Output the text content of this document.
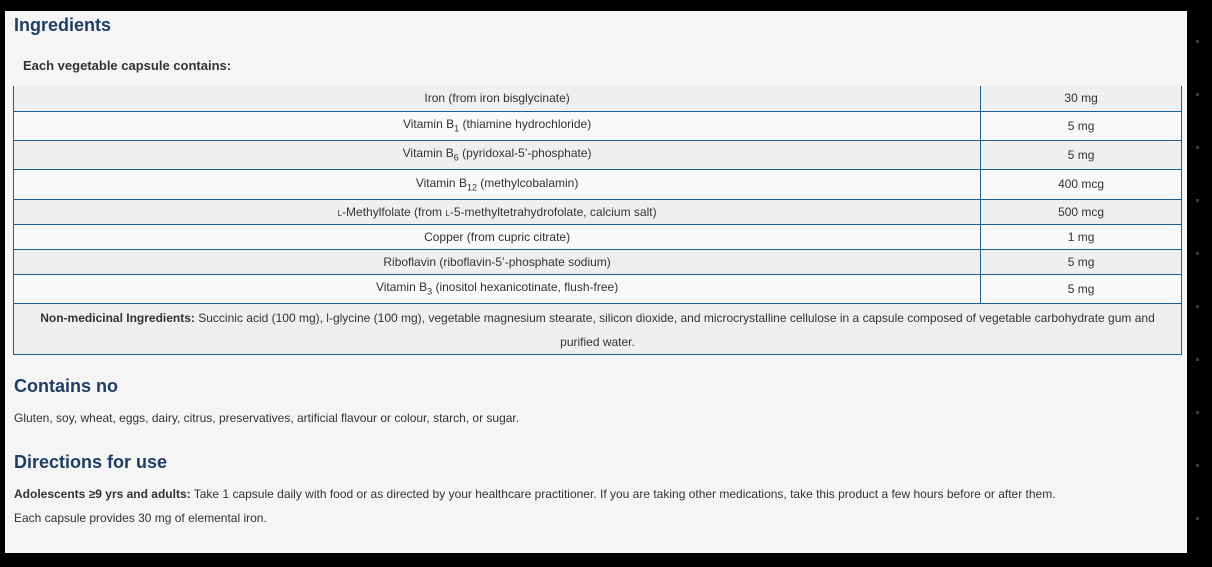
Ingredients
Each vegetable capsule contains:
Iron (from iron bisglycinate)	30 mg
Vitamin $B_1$ (thiamine hydrochloride)	5 mg
Vitamin $B_6$ (pyridoxal-5’-phosphate)	5 mg
Vitamin $B_{12}$ (methylcobalamin)	400 mcg
l-Methylfolate (from l-5-methyltetrahydrofolate, calcium salt)	500 mcg
Copper (from cupric citrate)	1 mg
Riboflavin (riboflavin-5’-phosphate sodium)	5 mg
Vitamin $B_3$ (inositol hexanicotinate, flush-free)	5 mg
Non-medicinal Ingredients: Succinic acid (100 mg), l-glycine (100 mg), vegetable magnesium stearate, silicon dioxide, and microcrystalline cellulose in a capsule composed of vegetable carbohydrate gum and purified water.	
Contains no
Gluten, soy, wheat, eggs, dairy, citrus, preservatives, artificial flavour or colour, starch, or sugar.
Directions for use
Adolescents ≥9 yrs and adults: Take 1 capsule daily with food or as directed by your healthcare practitioner. If you are taking other medications, take this product a few hours before or after them.
Each capsule provides 30 mg of elemental iron.
